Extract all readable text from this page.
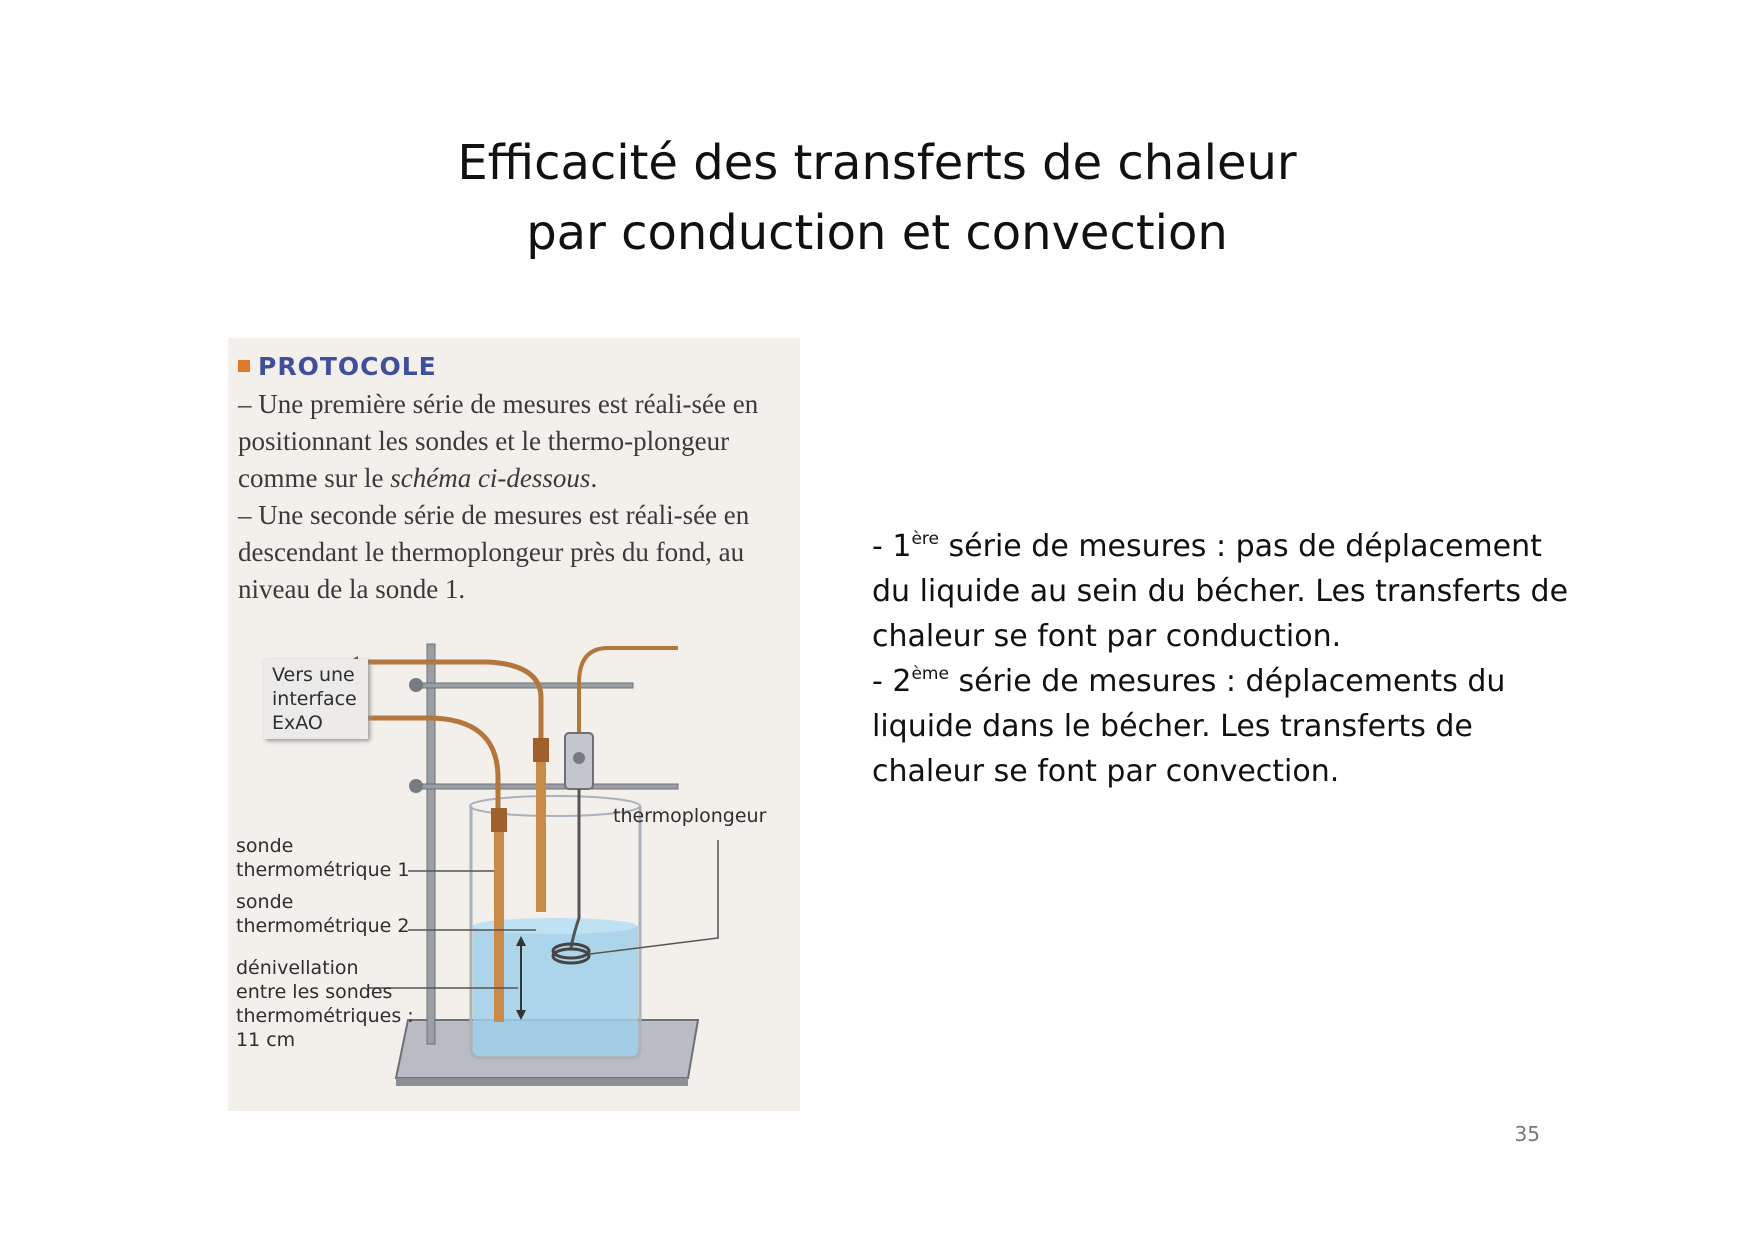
Efficacité des transferts de chaleur
par conduction et convection
PROTOCOLE

– Une première série de mesures est réali-sée en positionnant les sondes et le thermo-plongeur comme sur le schéma ci-dessous.

– Une seconde série de mesures est réali-sée en descendant le thermoplongeur près du fond, au niveau de la sonde 1.

Vers une
interface
ExAO
thermoplongeur
sonde
thermométrique 1
sonde
thermométrique 2
dénivellation
entre les sondes
thermométriques :
11 cm

- 1ère série de mesures : pas de déplacement du liquide au sein du bécher. Les transferts de chaleur se font par conduction.

- 2ème série de mesures : déplacements du liquide dans le bécher. Les transferts de chaleur se font par convection.

35
